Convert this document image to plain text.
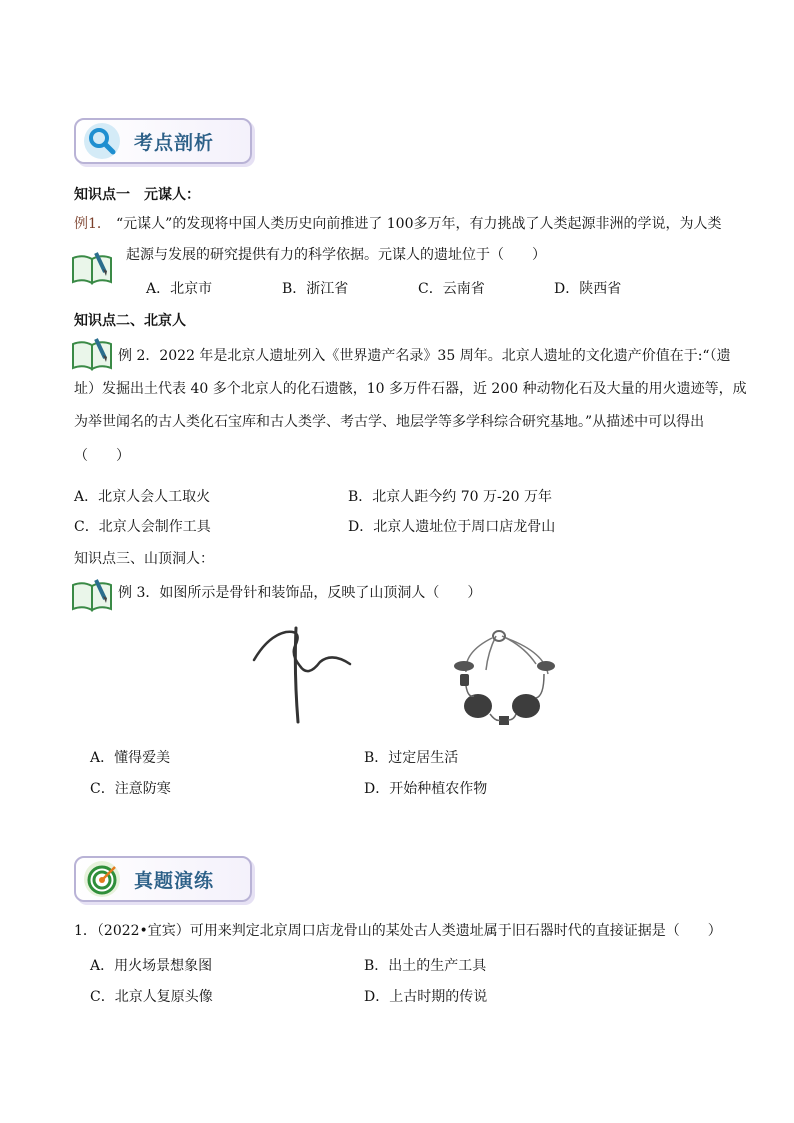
考点剖析
知识点一　元谋人：
例1． “元谋人”的发现将中国人类历史向前推进了 100多万年，有力挑战了人类起源非洲的学说，为人类
起源与发展的研究提供有力的科学依据。元谋人的遗址位于（　　）
A．北京市	B．浙江省	C．云南省	D．陕西省
知识点二、北京人
例 2．2022 年是北京人遗址列入《世界遗产名录》35 周年。北京人遗址的文化遗产价值在于:“（遗
址）发掘出土代表 40 多个北京人的化石遗骸，10 多万件石器，近 200 种动物化石及大量的用火遗迹等，成
为举世闻名的古人类化石宝库和古人类学、考古学、地层学等多学科综合研究基地。”从描述中可以得出
（　　）
A．北京人会人工取火	B．北京人距今约 70 万-20 万年
C．北京人会制作工具	D．北京人遗址位于周口店龙骨山
知识点三、山顶洞人：
例 3．如图所示是骨针和装饰品，反映了山顶洞人（　　）
A．懂得爱美	B．过定居生活
C．注意防寒	D．开始种植农作物
真题演练
1．（2022•宜宾）可用来判定北京周口店龙骨山的某处古人类遗址属于旧石器时代的直接证据是（　　）
A．用火场景想象图	B．出土的生产工具
C．北京人复原头像	D．上古时期的传说
